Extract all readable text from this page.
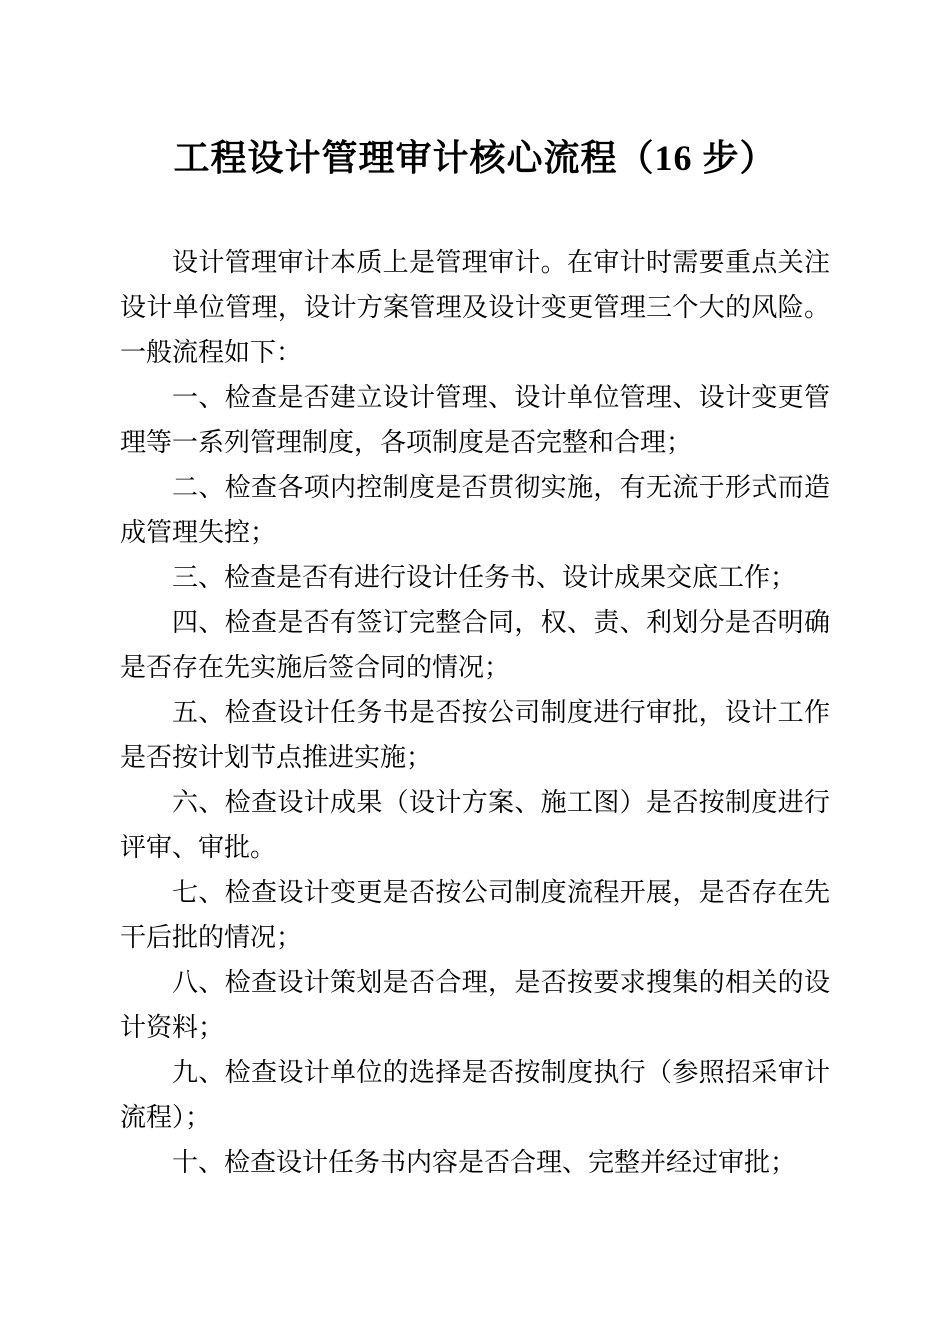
工程设计管理审计核心流程（16 步）

设计管理审计本质上是管理审计。在审计时需要重点关注设计单位管理，设计方案管理及设计变更管理三个大的风险。一般流程如下：

一、检查是否建立设计管理、设计单位管理、设计变更管理等一系列管理制度，各项制度是否完整和合理；

二、检查各项内控制度是否贯彻实施，有无流于形式而造成管理失控；

三、检查是否有进行设计任务书、设计成果交底工作；

四、检查是否有签订完整合同，权、责、利划分是否明确是否存在先实施后签合同的情况；

五、检查设计任务书是否按公司制度进行审批，设计工作是否按计划节点推进实施；

六、检查设计成果（设计方案、施工图）是否按制度进行评审、审批。

七、检查设计变更是否按公司制度流程开展，是否存在先干后批的情况；

八、检查设计策划是否合理，是否按要求搜集的相关的设计资料；

九、检查设计单位的选择是否按制度执行（参照招采审计流程）；

十、检查设计任务书内容是否合理、完整并经过审批；
